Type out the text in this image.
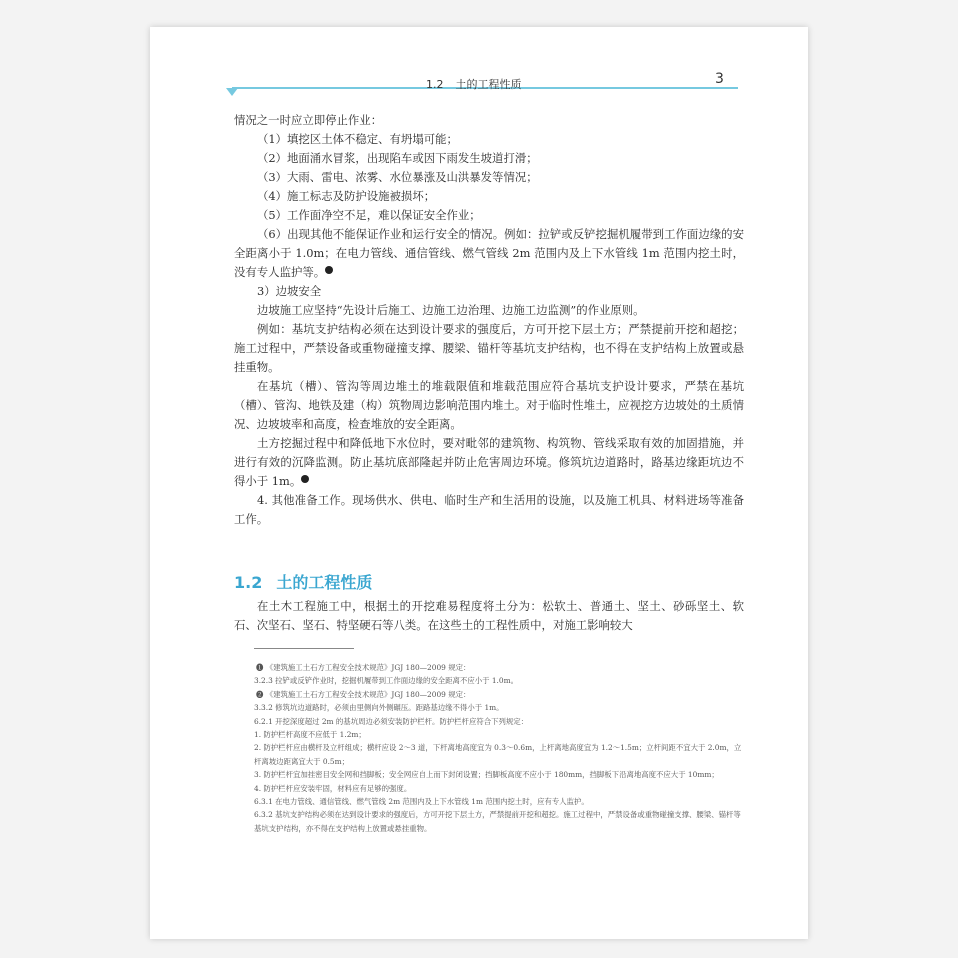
1.2 土的工程性质	3

情况之一时应立即停止作业：

（1）填挖区土体不稳定、有坍塌可能；

（2）地面涌水冒浆，出现陷车或因下雨发生坡道打滑；

（3）大雨、雷电、浓雾、水位暴涨及山洪暴发等情况；

（4）施工标志及防护设施被损坏；

（5）工作面净空不足，难以保证安全作业；

（6）出现其他不能保证作业和运行安全的情况。例如：拉铲或反铲挖掘机履带到工作面边缘的安全距离小于 1.0m；在电力管线、通信管线、燃气管线 2m 范围内及上下水管线 1m 范围内挖土时，没有专人监护等。	1

3）边坡安全

边坡施工应坚持“先设计后施工、边施工边治理、边施工边监测”的作业原则。

例如：基坑支护结构必须在达到设计要求的强度后，方可开挖下层土方；严禁提前开挖和超挖；施工过程中，严禁设备或重物碰撞支撑、腰梁、锚杆等基坑支护结构，也不得在支护结构上放置或悬挂重物。

在基坑（槽）、管沟等周边堆土的堆载限值和堆载范围应符合基坑支护设计要求，严禁在基坑（槽）、管沟、地铁及建（构）筑物周边影响范围内堆土。对于临时性堆土，应视挖方边坡处的土质情况、边坡坡率和高度，检查堆放的安全距离。

土方挖掘过程中和降低地下水位时，要对毗邻的建筑物、构筑物、管线采取有效的加固措施，并进行有效的沉降监测。防止基坑底部隆起并防止危害周边环境。修筑坑边道路时，路基边缘距坑边不得小于 1m。	2

4. 其他准备工作。现场供水、供电、临时生产和生活用的设施，以及施工机具、材料进场等准备工作。

1.2 土的工程性质

在土木工程施工中，根据土的开挖难易程度将土分为：松软土、普通土、坚土、砂砾坚土、软石、次坚石、坚石、特坚硬石等八类。在这些土的工程性质中，对施工影响较大

❶ 《建筑施工土石方工程安全技术规范》JGJ 180—2009 规定：

3.2.3 拉铲或反铲作业时，挖掘机履带到工作面边缘的安全距离不应小于 1.0m。

❷ 《建筑施工土石方工程安全技术规范》JGJ 180—2009 规定：

3.3.2 修筑坑边道路时，必须由里侧向外侧碾压。距路基边缘不得小于 1m。

6.2.1 开挖深度超过 2m 的基坑周边必须安装防护栏杆。防护栏杆应符合下列规定：

1. 防护栏杆高度不应低于 1.2m；

2. 防护栏杆应由横杆及立杆组成；横杆应设 2～3 道，下杆离地高度宜为 0.3～0.6m，上杆离地高度宜为 1.2～1.5m；立杆间距不宜大于 2.0m，立杆离坡边距离宜大于 0.5m；

3. 防护栏杆宜加挂密目安全网和挡脚板；安全网应自上而下封闭设置；挡脚板高度不应小于 180mm，挡脚板下沿离地高度不应大于 10mm；

4. 防护栏杆应安装牢固，材料应有足够的强度。

6.3.1 在电力管线、通信管线、燃气管线 2m 范围内及上下水管线 1m 范围内挖土时，应有专人监护。

6.3.2 基坑支护结构必须在达到设计要求的强度后，方可开挖下层土方，严禁提前开挖和超挖。施工过程中，严禁设备或重物碰撞支撑、腰梁、锚杆等基坑支护结构，亦不得在支护结构上放置或悬挂重物。
